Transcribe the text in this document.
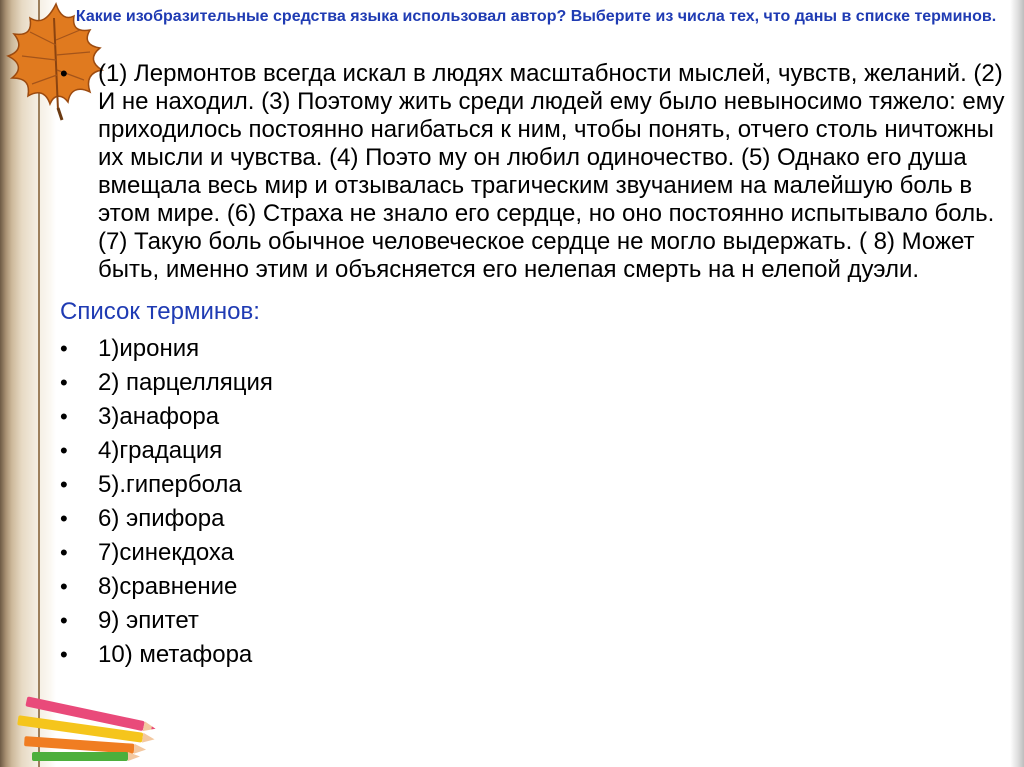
Какие изобразительные средства языка использовал автор? Выберите из числа тех, что даны в списке терминов.
•	(1) Лермонтов всегда искал в людях масштабности мыслей, чувств, желаний. (2) И не находил. (3) Поэтому жить среди людей ему было невыносимо тяжело: ему приходилось постоянно нагибаться к ним, чтобы понять, отчего столь ничтожны их мысли и чувства. (4) Поэто му он любил одиночество. (5) Однако его душа вмещала весь мир и отзывалась трагическим звучанием на малейшую боль в этом мире. (6) Страха не знало его сердце, но оно постоянно испытывало боль. (7) Такую боль обычное человеческое сердце не могло выдержать. ( 8) Может быть, именно этим и объясняется его нелепая смерть на н елепой дуэли.

Список терминов:
•	1)ирония
•	2) парцелляция
•	3)анафора
•	4)градация
•	5).гипербола
•	6) эпифора
•	7)синекдоха
•	8)сравнение
•	9) эпитет
•	10) метафора
